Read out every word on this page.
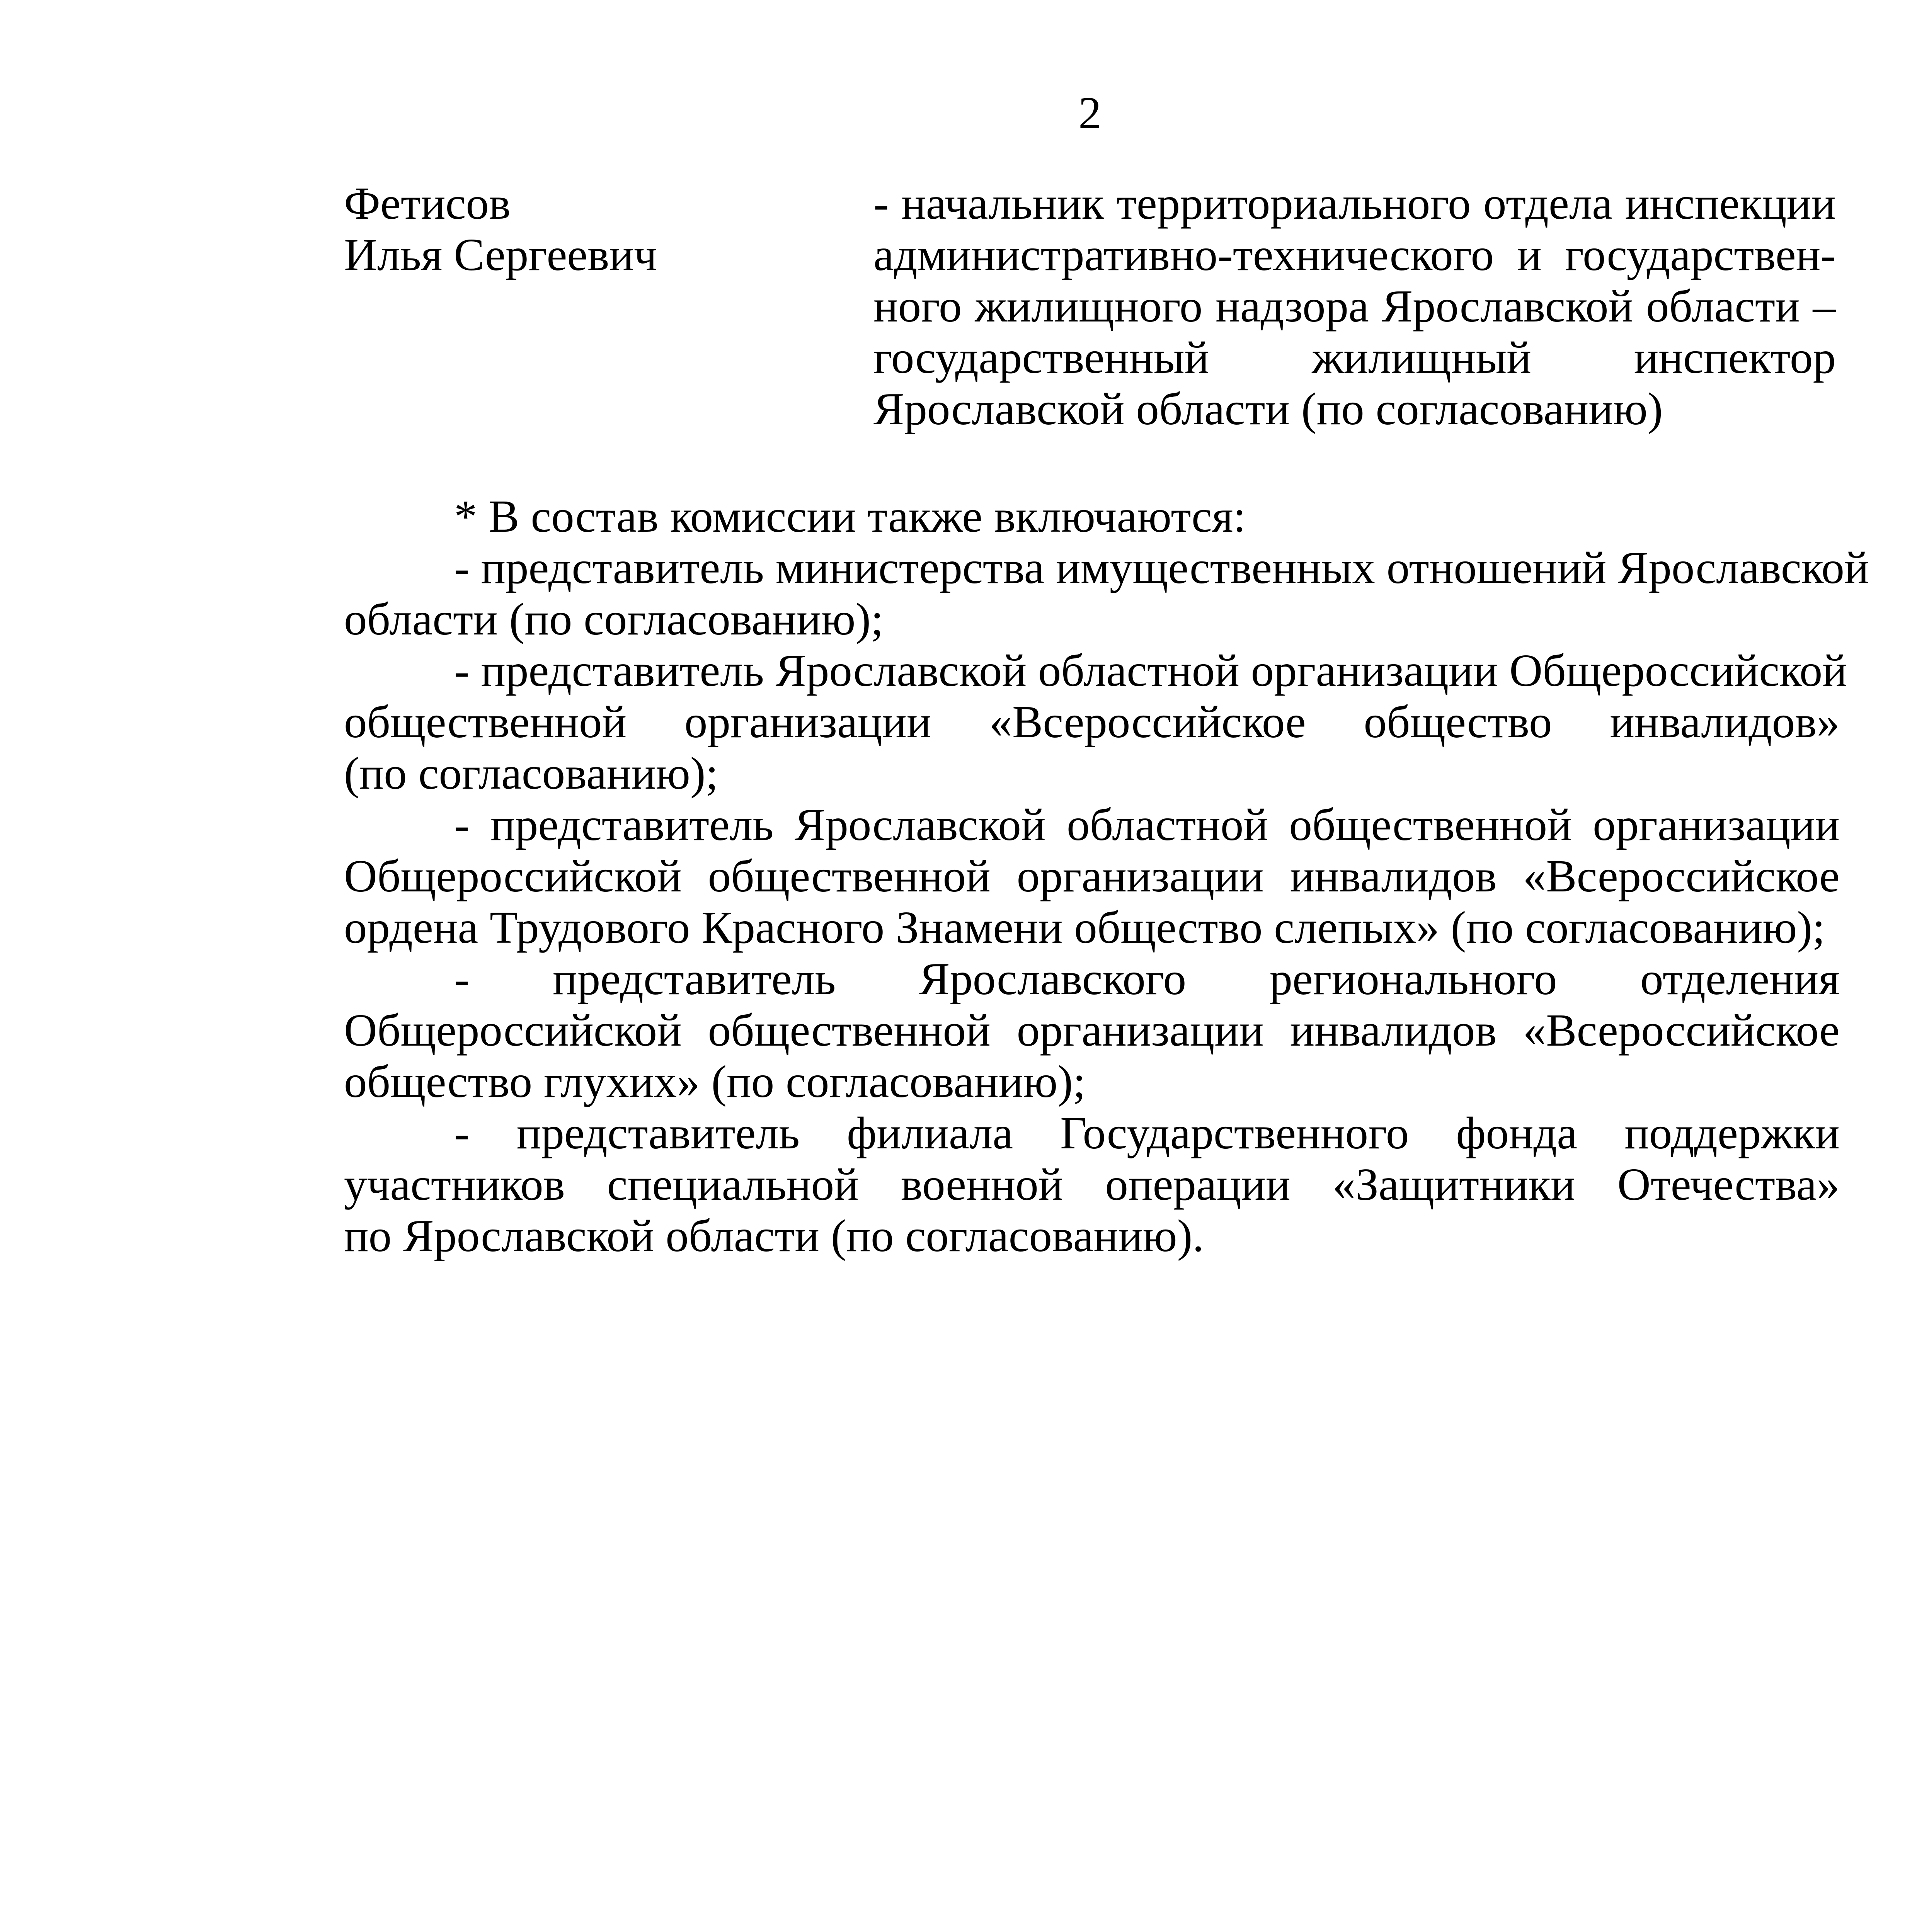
2
Фетисов
Илья Сергеевич
- начальник территориального отдела инспекции
административно-технического и государствен-
ного жилищного надзора Ярославской области –
государственный жилищный инспектор
Ярославской области (по согласованию)
* В состав комиссии также включаются:
- представитель министерства имущественных отношений Ярославской
области (по согласованию);
- представитель Ярославской областной организации Общероссийской
общественной организации «Всероссийское общество инвалидов»
(по согласованию);
- представитель Ярославской областной общественной организации
Общероссийской общественной организации инвалидов «Всероссийское
ордена Трудового Красного Знамени общество слепых» (по согласованию);
- представитель Ярославского регионального отделения
Общероссийской общественной организации инвалидов «Всероссийское
общество глухих» (по согласованию);
- представитель филиала Государственного фонда поддержки
участников специальной военной операции «Защитники Отечества»
по Ярославской области (по согласованию).
